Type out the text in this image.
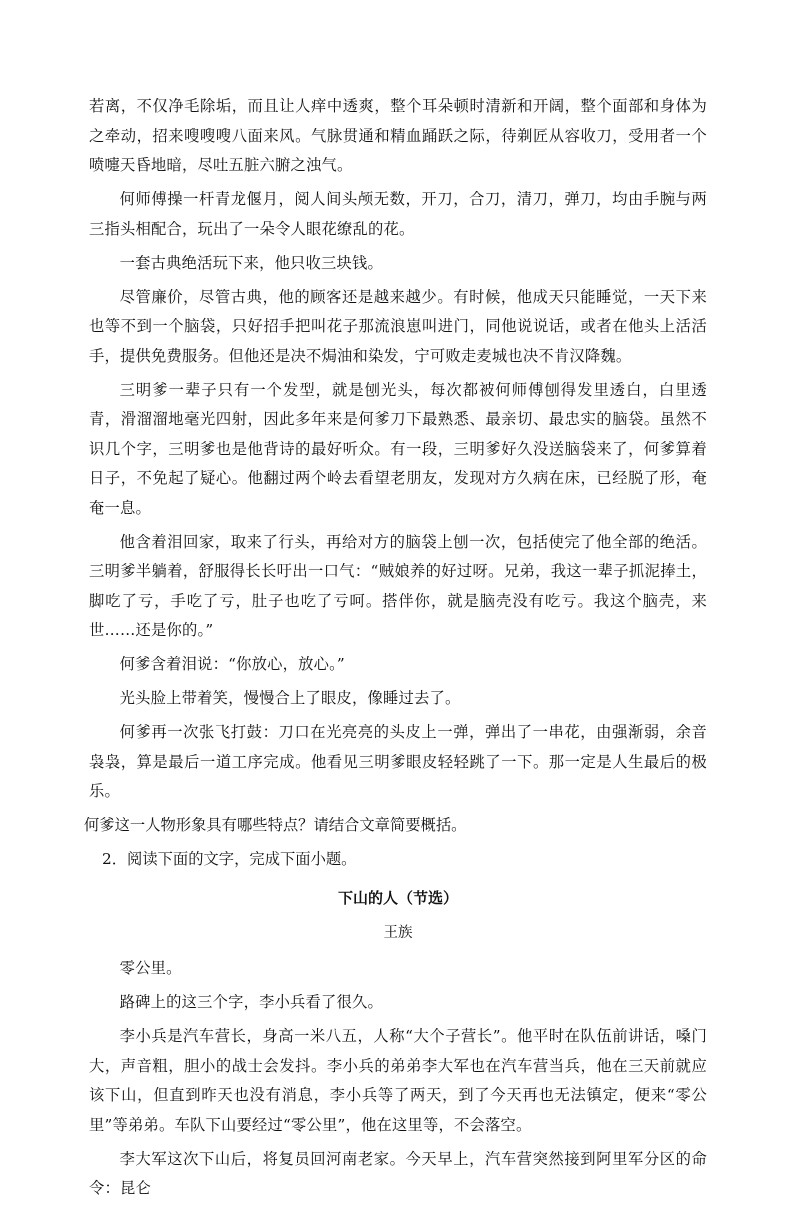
若离，不仅净毛除垢，而且让人痒中透爽，整个耳朵顿时清新和开阔，整个面部和身体为之牵动，招来嗖嗖嗖八面来风。气脉贯通和精血踊跃之际，待剃匠从容收刀，受用者一个喷嚏天昏地暗，尽吐五脏六腑之浊气。

何师傅操一杆青龙偃月，阅人间头颅无数，开刀，合刀，清刀，弹刀，均由手腕与两三指头相配合，玩出了一朵令人眼花缭乱的花。

一套古典绝活玩下来，他只收三块钱。

尽管廉价，尽管古典，他的顾客还是越来越少。有时候，他成天只能睡觉，一天下来也等不到一个脑袋，只好招手把叫花子那流浪崽叫进门，同他说说话，或者在他头上活活手，提供免费服务。但他还是决不焗油和染发，宁可败走麦城也决不肯汉降魏。

三明爹一辈子只有一个发型，就是刨光头，每次都被何师傅刨得发里透白，白里透青，滑溜溜地毫光四射，因此多年来是何爹刀下最熟悉、最亲切、最忠实的脑袋。虽然不识几个字，三明爹也是他背诗的最好听众。有一段，三明爹好久没送脑袋来了，何爹算着日子，不免起了疑心。他翻过两个岭去看望老朋友，发现对方久病在床，已经脱了形，奄奄一息。

他含着泪回家，取来了行头，再给对方的脑袋上刨一次，包括使完了他全部的绝活。三明爹半躺着，舒服得长长吁出一口气：“贼娘养的好过呀。兄弟，我这一辈子抓泥捧土，脚吃了亏，手吃了亏，肚子也吃了亏呵。搭伴你，就是脑壳没有吃亏。我这个脑壳，来世……还是你的。”

何爹含着泪说：“你放心，放心。”

光头脸上带着笑，慢慢合上了眼皮，像睡过去了。

何爹再一次张飞打鼓：刀口在光亮亮的头皮上一弹，弹出了一串花，由强渐弱，余音袅袅，算是最后一道工序完成。他看见三明爹眼皮轻轻跳了一下。那一定是人生最后的极乐。

何爹这一人物形象具有哪些特点？请结合文章简要概括。

2．阅读下面的文字，完成下面小题。

下山的人（节选）

王族

零公里。

路碑上的这三个字，李小兵看了很久。

李小兵是汽车营长，身高一米八五，人称“大个子营长”。他平时在队伍前讲话，嗓门大，声音粗，胆小的战士会发抖。李小兵的弟弟李大军也在汽车营当兵，他在三天前就应该下山，但直到昨天也没有消息，李小兵等了两天，到了今天再也无法镇定，便来“零公里”等弟弟。车队下山要经过“零公里”，他在这里等，不会落空。

李大军这次下山后，将复员回河南老家。今天早上，汽车营突然接到阿里军分区的命令：昆仑
